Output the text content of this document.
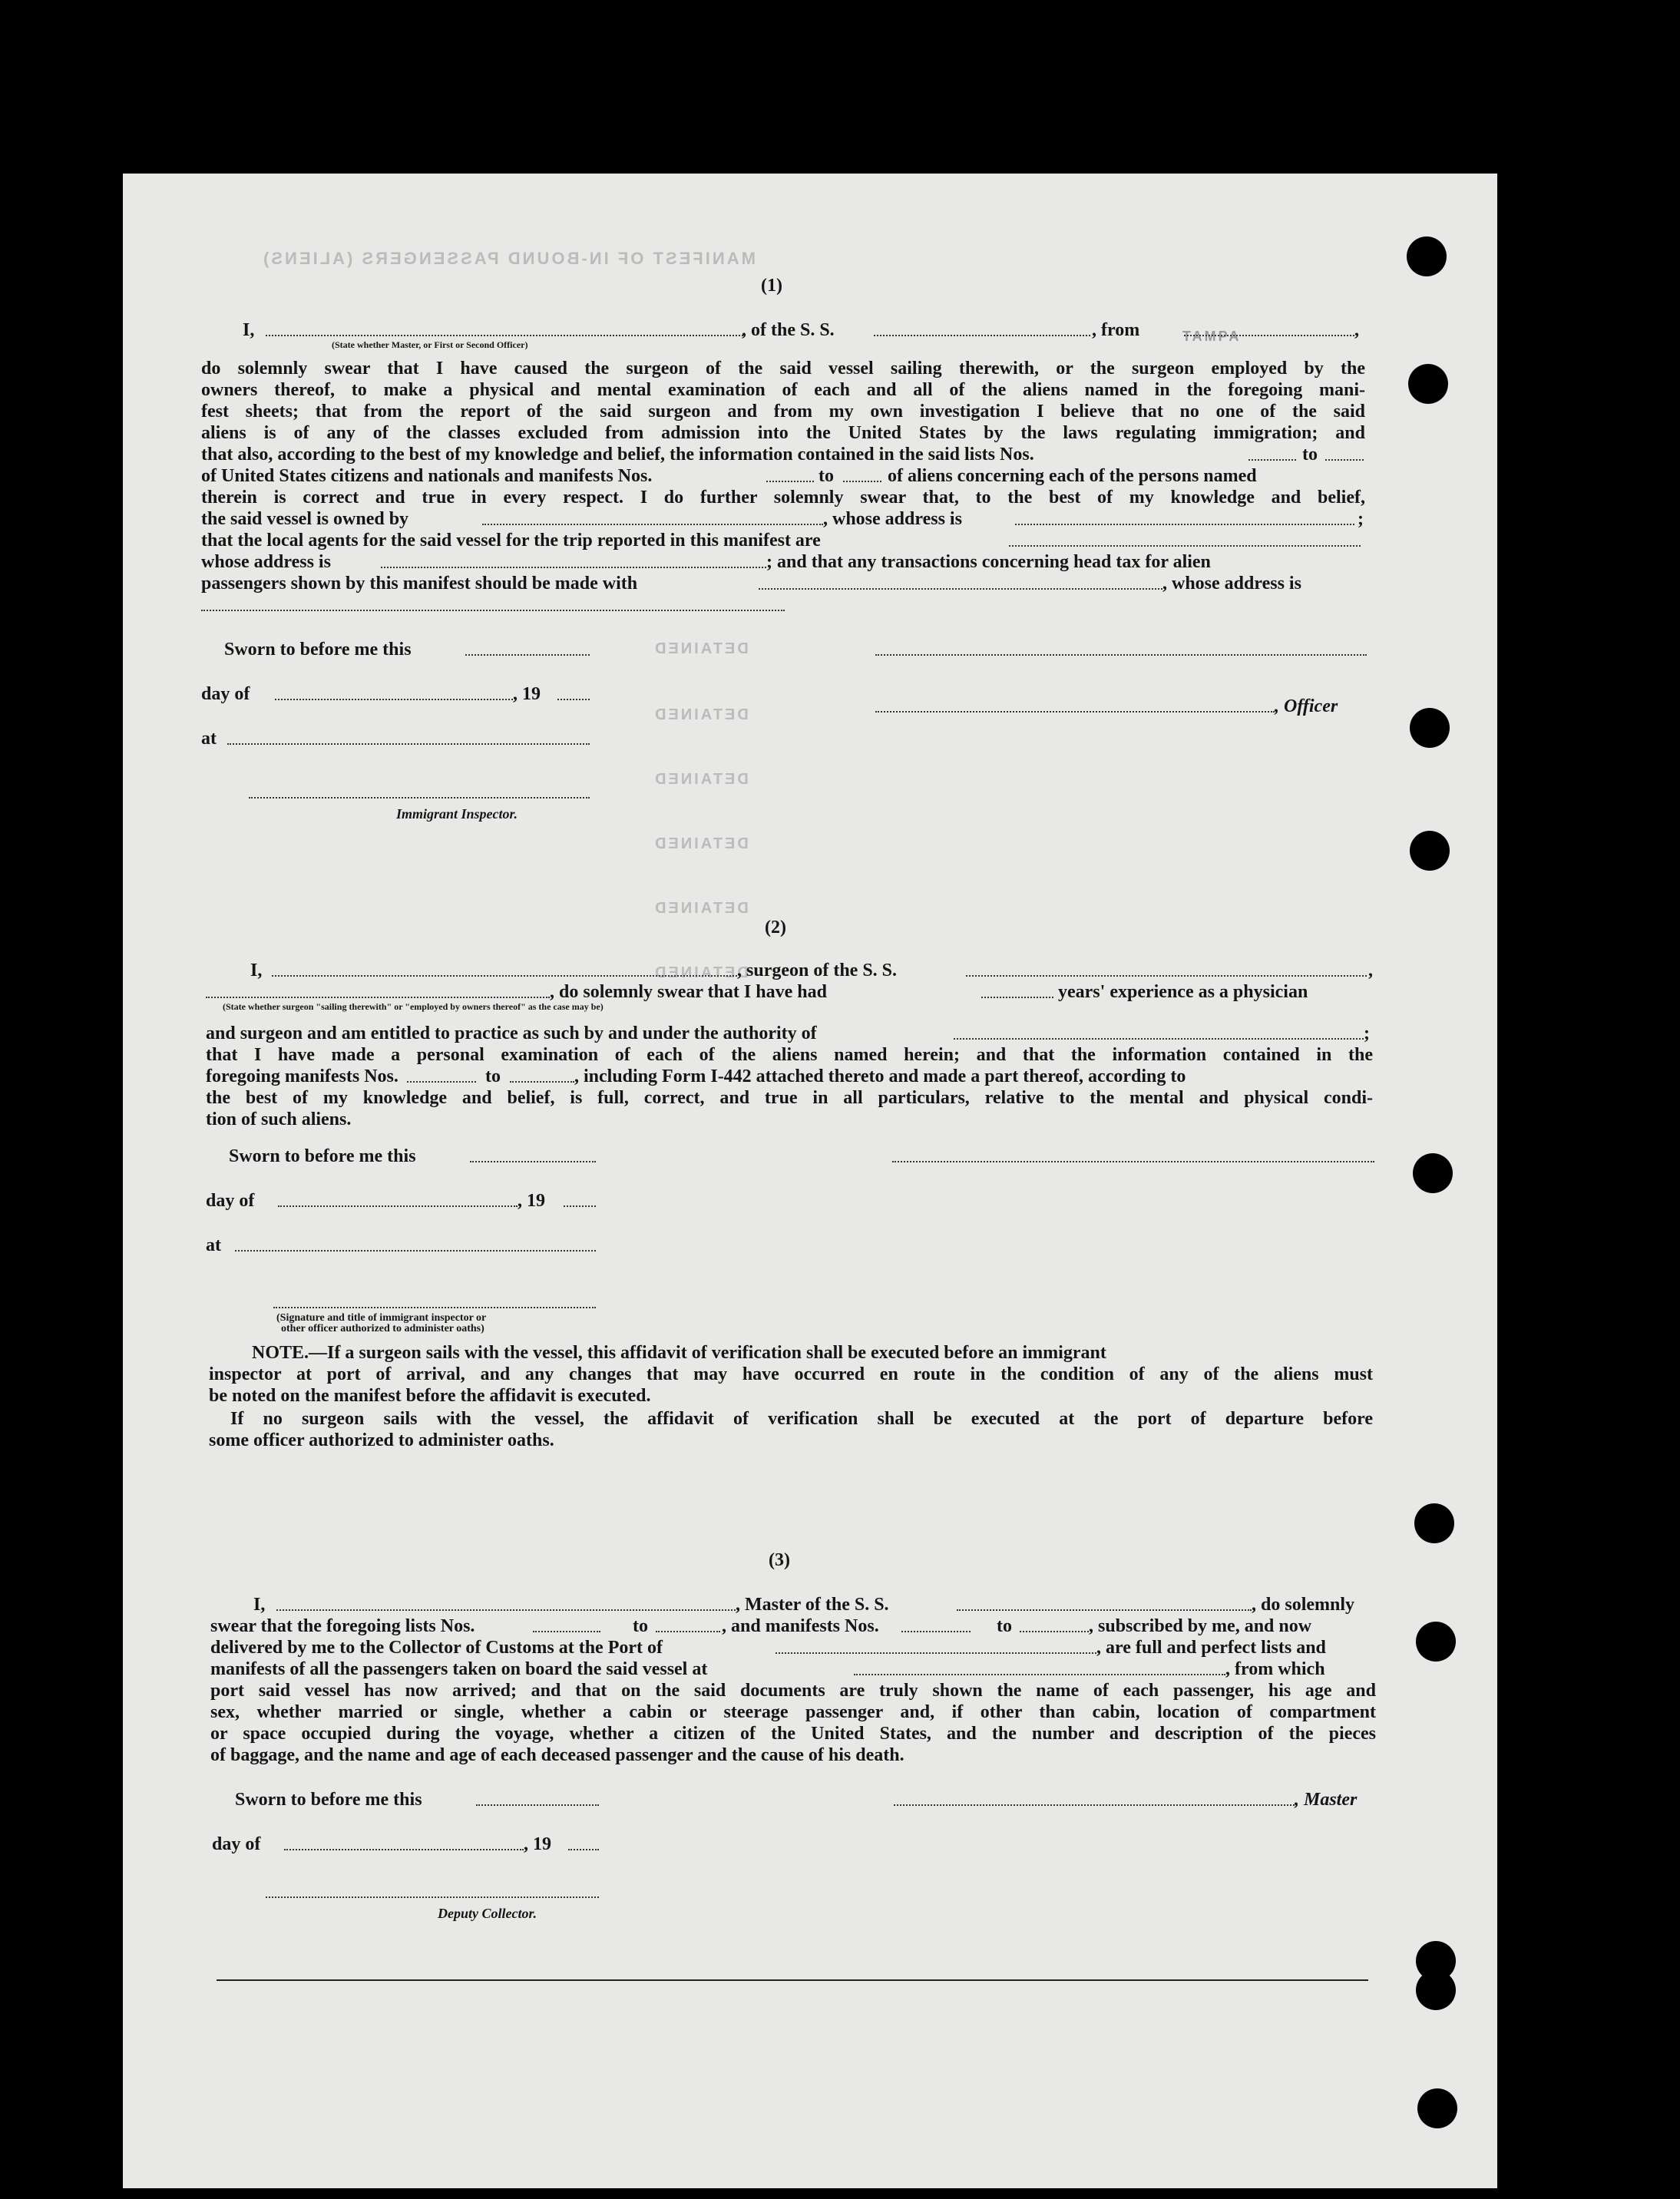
MANIFEST OF IN-BOUND PASSENGERS (ALIENS)
TAMPA
DETAINED
DETAINED
DETAINED
DETAINED
DETAINED
DETAINED
(1)
I,	, of the S. S.	, from	,
(State whether Master, or First or Second Officer)
do solemnly swear that I have caused the surgeon of the said vessel sailing therewith, or the surgeon employed by the
owners thereof, to make a physical and mental examination of each and all of the aliens named in the foregoing mani-
fest sheets; that from the report of the said surgeon and from my own investigation I believe that no one of the said
aliens is of any of the classes excluded from admission into the United States by the laws regulating immigration; and
that also, according to the best of my knowledge and belief, the information contained in the said lists Nos.	to
of United States citizens and nationals and manifests Nos.	to	of aliens concerning each of the persons named
therein is correct and true in every respect. I do further solemnly swear that, to the best of my knowledge and belief,
the said vessel is owned by	, whose address is	;
that the local agents for the said vessel for the trip reported in this manifest are
whose address is	; and that any transactions concerning head tax for alien
passengers shown by this manifest should be made with	, whose address is
Sworn to before me this
day of	, 19
, Officer
at
Immigrant Inspector.
(2)
I,	, surgeon of the S. S.	,
, do solemnly swear that I have had	years' experience as a physician
(State whether surgeon "sailing therewith" or "employed by owners thereof" as the case may be)
and surgeon and am entitled to practice as such by and under the authority of	;
that I have made a personal examination of each of the aliens named herein; and that the information contained in the
foregoing manifests Nos.	to	, including Form I-442 attached thereto and made a part thereof, according to
the best of my knowledge and belief, is full, correct, and true in all particulars, relative to the mental and physical condi-
tion of such aliens.
Sworn to before me this
day of	, 19
at
(Signature and title of immigrant inspector or
other officer authorized to administer oaths)
NOTE.—If a surgeon sails with the vessel, this affidavit of verification shall be executed before an immigrant
inspector at port of arrival, and any changes that may have occurred en route in the condition of any of the aliens must
be noted on the manifest before the affidavit is executed.
If no surgeon sails with the vessel, the affidavit of verification shall be executed at the port of departure before
some officer authorized to administer oaths.
(3)
I,	, Master of the S. S.	, do solemnly
swear that the foregoing lists Nos.	to	, and manifests Nos.	to	, subscribed by me, and now
delivered by me to the Collector of Customs at the Port of	, are full and perfect lists and
manifests of all the passengers taken on board the said vessel at	, from which
port said vessel has now arrived; and that on the said documents are truly shown the name of each passenger, his age and
sex, whether married or single, whether a cabin or steerage passenger and, if other than cabin, location of compartment
or space occupied during the voyage, whether a citizen of the United States, and the number and description of the pieces
of baggage, and the name and age of each deceased passenger and the cause of his death.
Sworn to before me this	, Master
day of	, 19
Deputy Collector.
